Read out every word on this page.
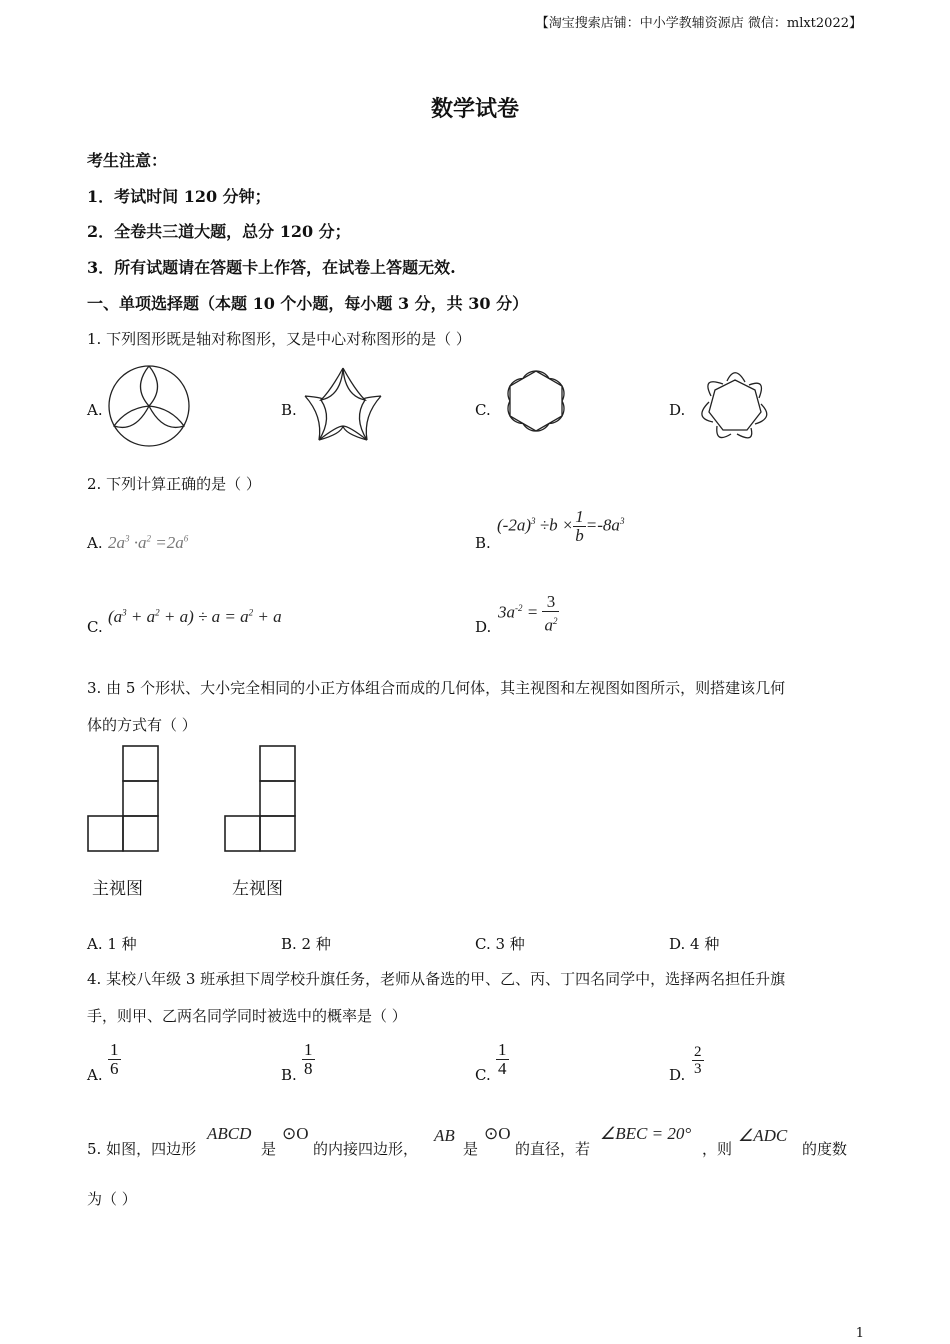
【淘宝搜索店铺：中小学教辅资源店 微信：mlxt2022】
数学试卷
考生注意：
1．考试时间 120 分钟；
2．全卷共三道大题，总分 120 分；
3．所有试题请在答题卡上作答，在试卷上答题无效.
一、单项选择题（本题 10 个小题，每小题 3 分，共 30 分）
1. 下列图形既是轴对称图形，又是中心对称图形的是（ ）
A.	B.	C.	D.
2. 下列计算正确的是（ ）
A. $2a^3 \cdot a^2 =2a^6$	B.
$(-2a)^3 \div b \times \frac{1}{b} =-8a^3$
C.
$(a^3 + a^2 + a) \div a = a^2 + a$
D.
$3a^{-2} = \frac{3}{a^2}$
3. 由 5 个形状、大小完全相同的小正方体组合而成的几何体，其主视图和左视图如图所示，则搭建该几何
体的方式有（ ）
主视图	左视图
A. 1 种	B. 2 种	C. 3 种	D. 4 种
4. 某校八年级 3 班承担下周学校升旗任务，老师从备选的甲、乙、丙、丁四名同学中，选择两名担任升旗
手，则甲、乙两名同学同时被选中的概率是（ ）
A. $\frac{1}{6}$	B. $\frac{1}{8}$	C. $\frac{1}{4}$	D. $\frac{2}{3}$
5. 如图，四边形
ABCD
是
⊙O
的内接四边形，
AB
是
⊙O
的直径，若
∠BEC = 20°
，则
∠ADC
的度数
为（ ）
1
